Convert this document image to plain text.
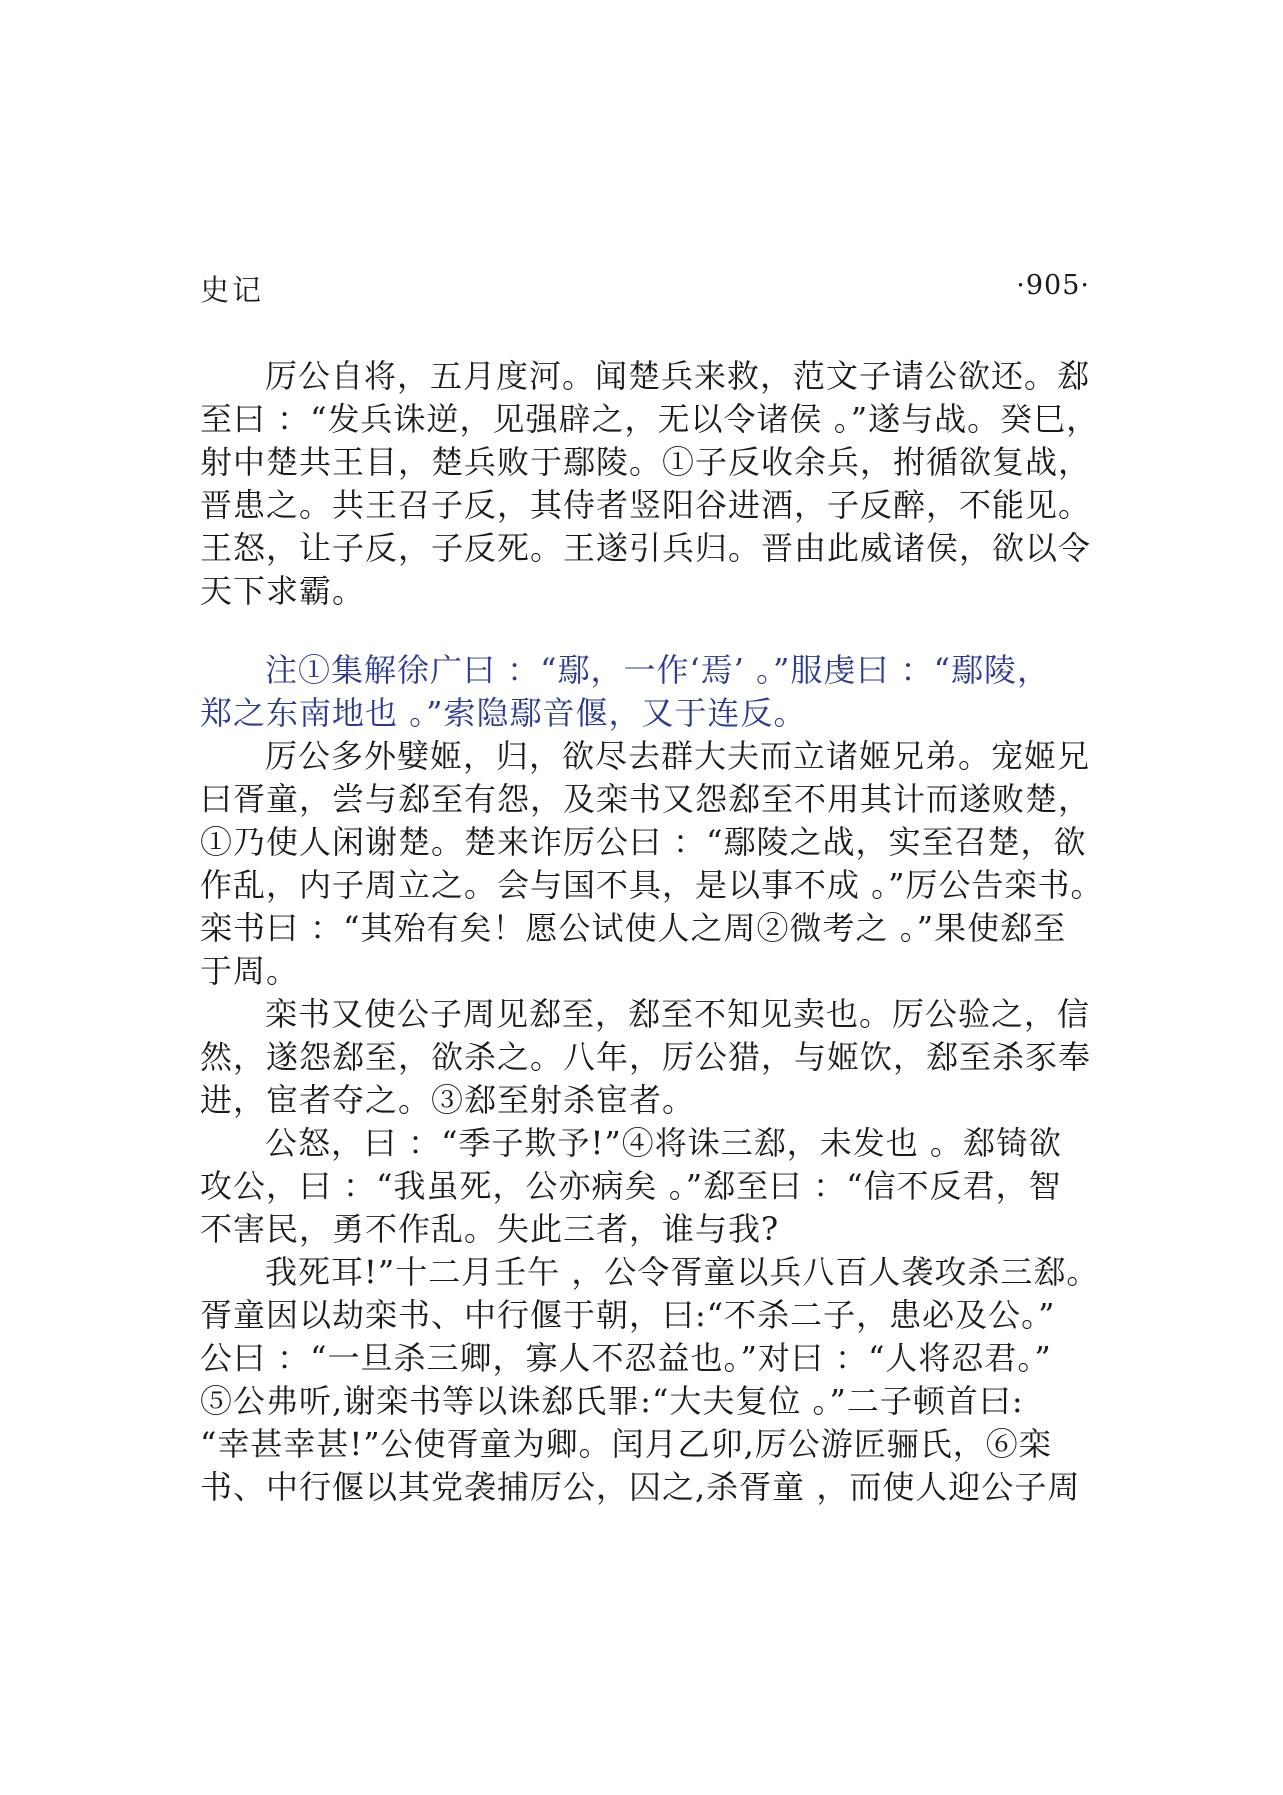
史记	·905·
厉公自将，五月度河。闻楚兵来救，范文子请公欲还。郄
至曰 ：“发兵诛逆，见强辟之，无以令诸侯 。”遂与战。癸巳，
射中楚共王目，楚兵败于鄢陵。①子反收余兵，拊循欲复战，
晋患之。共王召子反，其侍者竖阳谷进酒，子反醉，不能见。
王怒，让子反，子反死。王遂引兵归。晋由此威诸侯，欲以令
天下求霸。
注①集解徐广曰 ：“鄢，一作‘焉’ 。”服虔曰 ：“鄢陵，
郑之东南地也 。”索隐鄢音偃，又于连反。
厉公多外嬖姬，归，欲尽去群大夫而立诸姬兄弟。宠姬兄
曰胥童，尝与郄至有怨，及栾书又怨郄至不用其计而遂败楚，
①乃使人闲谢楚。楚来诈厉公曰 ：“鄢陵之战，实至召楚，欲
作乱，内子周立之。会与国不具，是以事不成 。”厉公告栾书。
栾书曰 ：“其殆有矣！愿公试使人之周②微考之 。”果使郄至
于周。
栾书又使公子周见郄至，郄至不知见卖也。厉公验之，信
然，遂怨郄至，欲杀之。八年，厉公猎，与姬饮，郄至杀豕奉
进，宦者夺之。③郄至射杀宦者。
公怒，曰 ：“季子欺予!”④将诛三郄，未发也 。郄锜欲
攻公，曰 ：“我虽死，公亦病矣 。”郄至曰 ：“信不反君，智
不害民，勇不作乱。失此三者，谁与我?
我死耳!”十二月壬午 ，公令胥童以兵八百人袭攻杀三郄。
胥童因以劫栾书、中行偃于朝，曰:“不杀二子，患必及公。”
公曰 ：“一旦杀三卿，寡人不忍益也。”对曰 ：“人将忍君。”
⑤公弗听,谢栾书等以诛郄氏罪:“大夫复位 。”二子顿首曰:
“幸甚幸甚!”公使胥童为卿。闰月乙卯,厉公游匠骊氏，⑥栾
书、中行偃以其党袭捕厉公，囚之,杀胥童 ，而使人迎公子周
